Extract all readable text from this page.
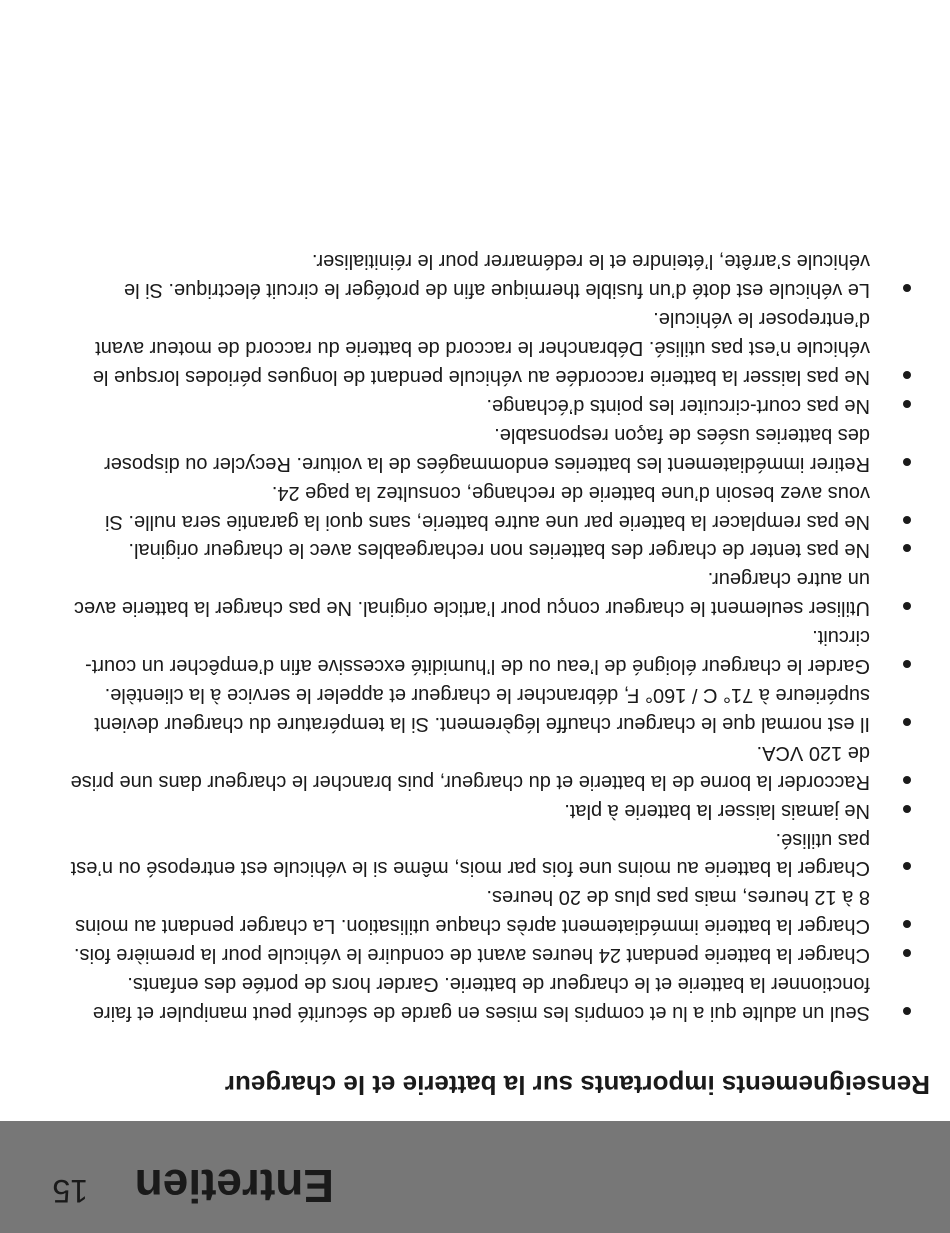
15 Entretien
Renseignements importants sur la batterie et le chargeur
Seul un adulte qui a lu et compris les mises en garde de sécurité peut manipuler et faire fonctionner la batterie et le chargeur de batterie. Garder hors de portée des enfants.
Charger la batterie pendant 24 heures avant de conduire le véhicule pour la première fois.
Charger la batterie immédiatement après chaque utilisation. La charger pendant au moins 8 à 12 heures, mais pas plus de 20 heures.
Charger la batterie au moins une fois par mois, même si le véhicule est entreposé ou n’est pas utilisé.
Ne jamais laisser la batterie à plat.
Raccorder la borne de la batterie et du chargeur, puis brancher le chargeur dans une prise de 120 VCA.
Il est normal que le chargeur chauffe légèrement. Si la température du chargeur devient supérieure à 71° C / 160° F, débrancher le chargeur et appeler le service à la clientèle.
Garder le chargeur éloigné de l’eau ou de l’humidité excessive afin d’empêcher un court-circuit.
Utiliser seulement le chargeur conçu pour l’article original. Ne pas charger la batterie avec un autre chargeur.
Ne pas tenter de charger des batteries non rechargeables avec le chargeur original.
Ne pas remplacer la batterie par une autre batterie, sans quoi la garantie sera nulle. Si vous avez besoin d’une batterie de rechange, consultez la page 24.
Retirer immédiatement les batteries endommagées de la voiture. Recycler ou disposer des batteries usées de façon responsable.
Ne pas court-circuiter les points d’échange.
Ne pas laisser la batterie raccordée au véhicule pendant de longues périodes lorsque le véhicule n’est pas utilisé. Débrancher le raccord de batterie du raccord de moteur avant d’entreposer le véhicule.
Le véhicule est doté d’un fusible thermique afin de protéger le circuit électrique. Si le véhicule s’arrête, l’éteindre et le redémarrer pour le réinitialiser.
